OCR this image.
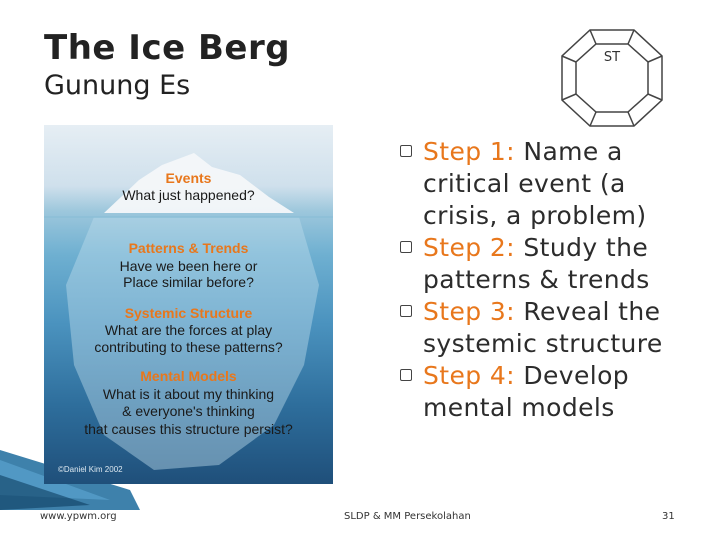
The Ice Berg
Gunung Es
ST
Events
What just happened?
Patterns & Trends
Have we been here or
Place similar before?
Systemic Structure
What are the forces at play
contributing to these patterns?
Mental Models
What is it about my thinking
& everyone's thinking
that causes this structure persist?
©Daniel Kim 2002
Step 1: Name a critical event (a crisis, a problem)
Step 2: Study the patterns & trends
Step 3: Reveal the systemic structure
Step 4: Develop mental models
www.ypwm.org	SLDP & MM Persekolahan	31
